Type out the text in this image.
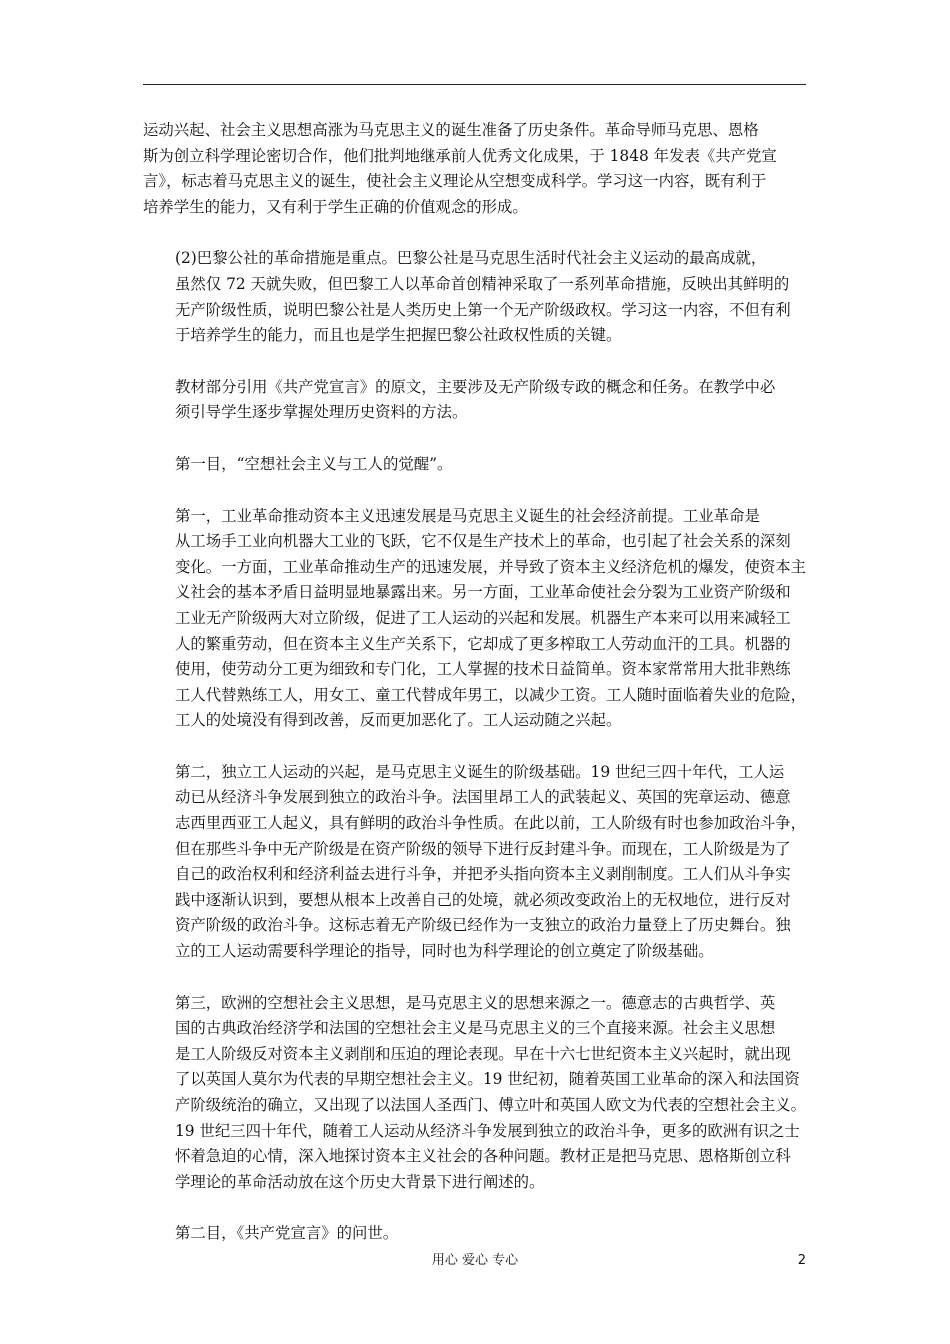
运动兴起、社会主义思想高涨为马克思主义的诞生准备了历史条件。革命导师马克思、恩格
斯为创立科学理论密切合作，他们批判地继承前人优秀文化成果，于 1848 年发表《共产党宣
言》，标志着马克思主义的诞生，使社会主义理论从空想变成科学。学习这一内容，既有利于
培养学生的能力，又有利于学生正确的价值观念的形成。

(2)巴黎公社的革命措施是重点。巴黎公社是马克思生活时代社会主义运动的最高成就，
虽然仅 72 天就失败，但巴黎工人以革命首创精神采取了一系列革命措施，反映出其鲜明的
无产阶级性质，说明巴黎公社是人类历史上第一个无产阶级政权。学习这一内容，不但有利
于培养学生的能力，而且也是学生把握巴黎公社政权性质的关键。

教材部分引用《共产党宣言》的原文，主要涉及无产阶级专政的概念和任务。在教学中必
须引导学生逐步掌握处理历史资料的方法。

第一目，“空想社会主义与工人的觉醒”。

第一，工业革命推动资本主义迅速发展是马克思主义诞生的社会经济前提。工业革命是
从工场手工业向机器大工业的飞跃，它不仅是生产技术上的革命，也引起了社会关系的深刻
变化。一方面，工业革命推动生产的迅速发展，并导致了资本主义经济危机的爆发，使资本主
义社会的基本矛盾日益明显地暴露出来。另一方面，工业革命使社会分裂为工业资产阶级和
工业无产阶级两大对立阶级，促进了工人运动的兴起和发展。机器生产本来可以用来减轻工
人的繁重劳动，但在资本主义生产关系下，它却成了更多榨取工人劳动血汗的工具。机器的
使用，使劳动分工更为细致和专门化，工人掌握的技术日益简单。资本家常常用大批非熟练
工人代替熟练工人，用女工、童工代替成年男工，以减少工资。工人随时面临着失业的危险，
工人的处境没有得到改善，反而更加恶化了。工人运动随之兴起。

第二，独立工人运动的兴起，是马克思主义诞生的阶级基础。19 世纪三四十年代，工人运
动已从经济斗争发展到独立的政治斗争。法国里昂工人的武装起义、英国的宪章运动、德意
志西里西亚工人起义，具有鲜明的政治斗争性质。在此以前，工人阶级有时也参加政治斗争，
但在那些斗争中无产阶级是在资产阶级的领导下进行反封建斗争。而现在，工人阶级是为了
自己的政治权利和经济利益去进行斗争，并把矛头指向资本主义剥削制度。工人们从斗争实
践中逐渐认识到，要想从根本上改善自己的处境，就必须改变政治上的无权地位，进行反对
资产阶级的政治斗争。这标志着无产阶级已经作为一支独立的政治力量登上了历史舞台。独
立的工人运动需要科学理论的指导，同时也为科学理论的创立奠定了阶级基础。

第三，欧洲的空想社会主义思想，是马克思主义的思想来源之一。德意志的古典哲学、英
国的古典政治经济学和法国的空想社会主义是马克思主义的三个直接来源。社会主义思想
是工人阶级反对资本主义剥削和压迫的理论表现。早在十六七世纪资本主义兴起时，就出现
了以英国人莫尔为代表的早期空想社会主义。19 世纪初，随着英国工业革命的深入和法国资
产阶级统治的确立，又出现了以法国人圣西门、傅立叶和英国人欧文为代表的空想社会主义。
19 世纪三四十年代，随着工人运动从经济斗争发展到独立的政治斗争，更多的欧洲有识之士
怀着急迫的心情，深入地探讨资本主义社会的各种问题。教材正是把马克思、恩格斯创立科
学理论的革命活动放在这个历史大背景下进行阐述的。

第二目，《共产党宣言》的问世。

用心 爱心 专心	2
